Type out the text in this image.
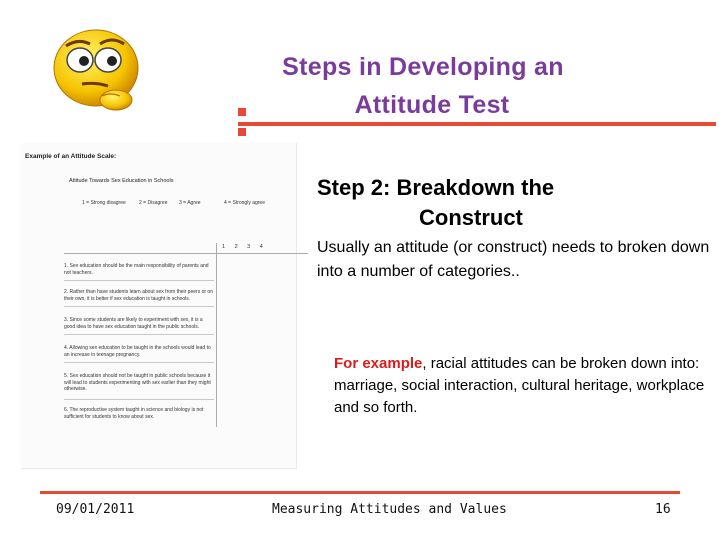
Steps in Developing an
Attitude Test
Example of an Attitude Scale:
Attitude Towards Sex Education in Schools
1 = Strong disagree	2 = Disagree 3 = Agree	4 = Strongly agree
1 2 3 4
1. Sex education should be the main responsibility of parents and not teachers.
2. Rather than have students learn about sex from their peers or on their own, it is better if sex education is taught in schools.
3. Since some students are likely to experiment with sex, it is a good idea to have sex education taught in the public schools.
4. Allowing sex education to be taught in the schools would lead to an increase in teenage pregnancy.
5. Sex education should not be taught in public schools because it will lead to students experimenting with sex earlier than they might otherwise.
6. The reproductive system taught in science and biology is not sufficient for students to know about sex.
Step 2: Breakdown the
Construct
Usually an attitude (or construct) needs to broken down into a number of categories..
For example, racial attitudes can be broken down into: marriage, social interaction, cultural heritage, workplace and so forth.
09/01/2011	Measuring Attitudes and Values	16
